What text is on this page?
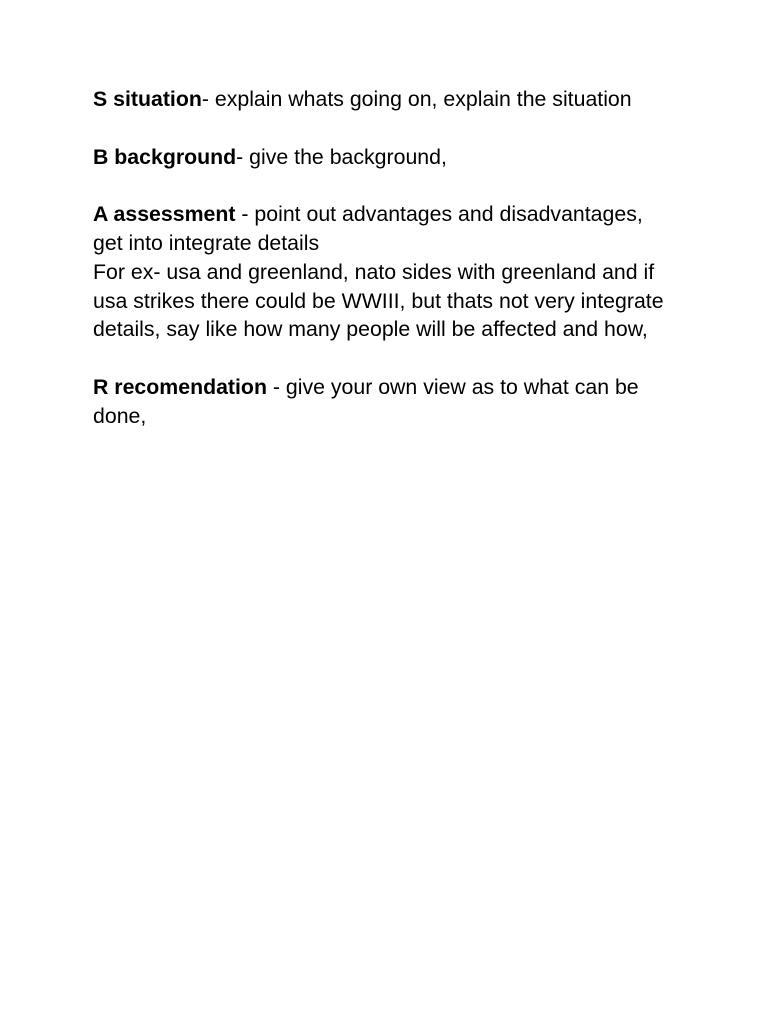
S situation- explain whats going on, explain the situation

B background- give the background,

A assessment - point out advantages and disadvantages, get into integrate details
For ex- usa and greenland, nato sides with greenland and if usa strikes there could be WWIII, but thats not very integrate details, say like how many people will be affected and how,

R recomendation - give your own view as to what can be done,
